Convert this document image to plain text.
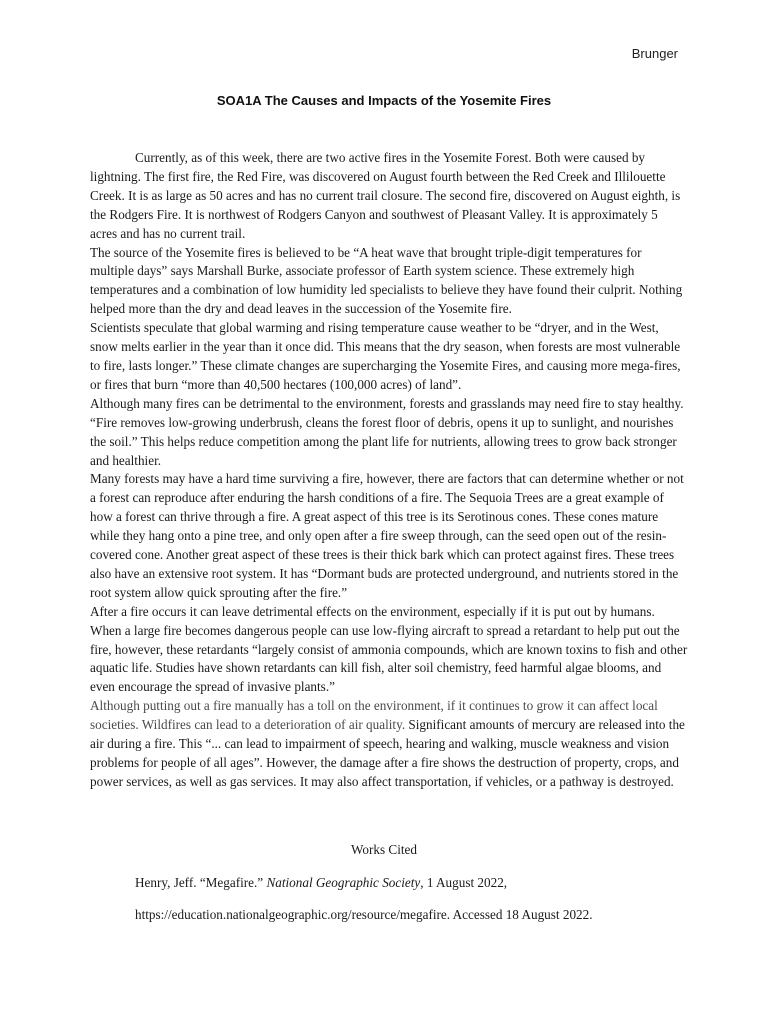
Brunger
SOA1A The Causes and Impacts of the Yosemite Fires

Currently, as of this week, there are two active fires in the Yosemite Forest. Both were caused by lightning. The first fire, the Red Fire, was discovered on August fourth between the Red Creek and Illilouette Creek. It is as large as 50 acres and has no current trail closure. The second fire, discovered on August eighth, is the Rodgers Fire. It is northwest of Rodgers Canyon and southwest of Pleasant Valley. It is approximately 5 acres and has no current trail.

The source of the Yosemite fires is believed to be “A heat wave that brought triple-digit temperatures for multiple days” says Marshall Burke, associate professor of Earth system science. These extremely high temperatures and a combination of low humidity led specialists to believe they have found their culprit. Nothing helped more than the dry and dead leaves in the succession of the Yosemite fire.

Scientists speculate that global warming and rising temperature cause weather to be “dryer, and in the West, snow melts earlier in the year than it once did. This means that the dry season, when forests are most vulnerable to fire, lasts longer.” These climate changes are supercharging the Yosemite Fires, and causing more mega-fires, or fires that burn “more than 40,500 hectares (100,000 acres) of land”.

Although many fires can be detrimental to the environment, forests and grasslands may need fire to stay healthy. “Fire removes low-growing underbrush, cleans the forest floor of debris, opens it up to sunlight, and nourishes the soil.” This helps reduce competition among the plant life for nutrients, allowing trees to grow back stronger and healthier.

Many forests may have a hard time surviving a fire, however, there are factors that can determine whether or not a forest can reproduce after enduring the harsh conditions of a fire. The Sequoia Trees are a great example of how a forest can thrive through a fire. A great aspect of this tree is its Serotinous cones. These cones mature while they hang onto a pine tree, and only open after a fire sweep through, can the seed open out of the resin-covered cone. Another great aspect of these trees is their thick bark which can protect against fires. These trees also have an extensive root system. It has “Dormant buds are protected underground, and nutrients stored in the root system allow quick sprouting after the fire.”

After a fire occurs it can leave detrimental effects on the environment, especially if it is put out by humans. When a large fire becomes dangerous people can use low-flying aircraft to spread a retardant to help put out the fire, however, these retardants “largely consist of ammonia compounds, which are known toxins to fish and other aquatic life. Studies have shown retardants can kill fish, alter soil chemistry, feed harmful algae blooms, and even encourage the spread of invasive plants.”

Although putting out a fire manually has a toll on the environment, if it continues to grow it can affect local societies. Wildfires can lead to a deterioration of air quality. Significant amounts of mercury are released into the air during a fire. This “... can lead to impairment of speech, hearing and walking, muscle weakness and vision problems for people of all ages”. However, the damage after a fire shows the destruction of property, crops, and power services, as well as gas services. It may also affect transportation, if vehicles, or a pathway is destroyed.

Works Cited
Henry, Jeff. “Megafire.” National Geographic Society, 1 August 2022,
https://education.nationalgeographic.org/resource/megafire. Accessed 18 August 2022.
